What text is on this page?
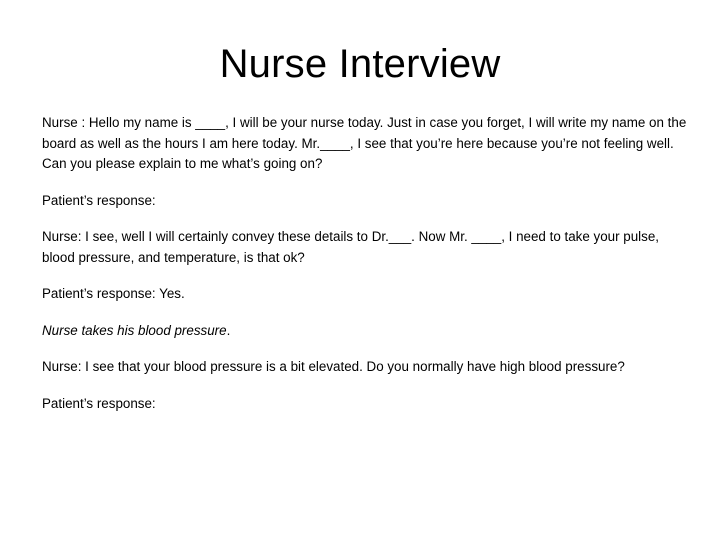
Nurse Interview

Nurse : Hello my name is ____, I will be your nurse today. Just in case you forget, I will write my name on the board as well as the hours I am here today. Mr.____, I see that you’re here because you’re not feeling well. Can you please explain to me what’s going on?

Patient’s response:

Nurse: I see, well I will certainly convey these details to Dr.___. Now Mr. ____, I need to take your pulse, blood pressure, and temperature, is that ok?

Patient’s response: Yes.

Nurse takes his blood pressure.

Nurse: I see that your blood pressure is a bit elevated. Do you normally have high blood pressure?

Patient’s response:
